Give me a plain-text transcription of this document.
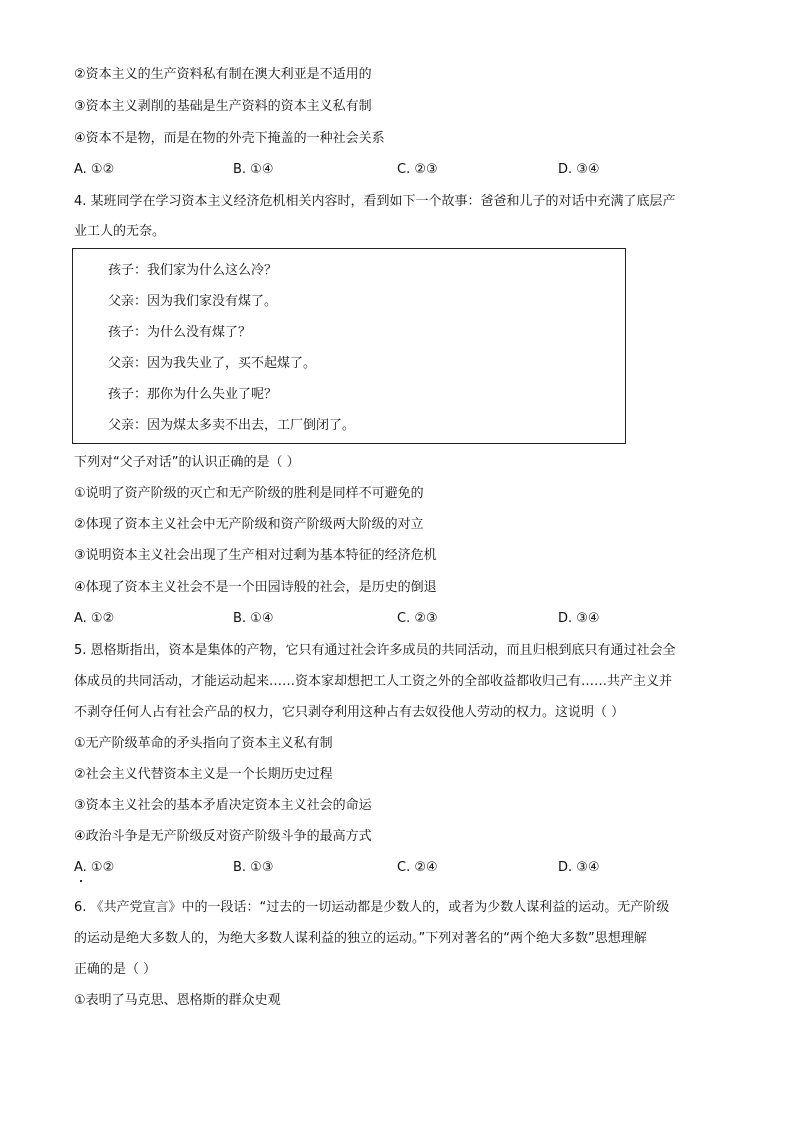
②资本主义的生产资料私有制在澳大利亚是不适用的
③资本主义剥削的基础是生产资料的资本主义私有制
④资本不是物，而是在物的外壳下掩盖的一种社会关系
A. ①②	B. ①④	C. ②③	D. ③④
4. 某班同学在学习资本主义经济危机相关内容时，看到如下一个故事：爸爸和儿子的对话中充满了底层产
业工人的无奈。
孩子：我们家为什么这么冷？
父亲：因为我们家没有煤了。
孩子：为什么没有煤了？
父亲：因为我失业了，买不起煤了。
孩子：那你为什么失业了呢？
父亲：因为煤太多卖不出去，工厂倒闭了。
下列对“父子对话”的认识正确的是（ ）
①说明了资产阶级的灭亡和无产阶级的胜利是同样不可避免的
②体现了资本主义社会中无产阶级和资产阶级两大阶级的对立
③说明资本主义社会出现了生产相对过剩为基本特征的经济危机
④体现了资本主义社会不是一个田园诗般的社会，是历史的倒退
A. ①②	B. ①④	C. ②③	D. ③④
5. 恩格斯指出，资本是集体的产物，它只有通过社会许多成员的共同活动，而且归根到底只有通过社会全
体成员的共同活动，才能运动起来……资本家却想把工人工资之外的全部收益都收归己有……共产主义并
不剥夺任何人占有社会产品的权力，它只剥夺利用这种占有去奴役他人劳动的权力。这说明（ ）
①无产阶级革命的矛头指向了资本主义私有制
②社会主义代替资本主义是一个长期历史过程
③资本主义社会的基本矛盾决定资本主义社会的命运
④政治斗争是无产阶级反对资产阶级斗争的最高方式
A. ①②	B. ①③	C. ②④	D. ③④
6. 《共产党宣言》中的一段话：“过去的一切运动都是少数人的，或者为少数人谋利益的运动。无产阶级
的运动是绝大多数人的，为绝大多数人谋利益的独立的运动。”下列对著名的“两个绝大多数”思想理解
正确的是（ ）
①表明了马克思、恩格斯的群众史观
